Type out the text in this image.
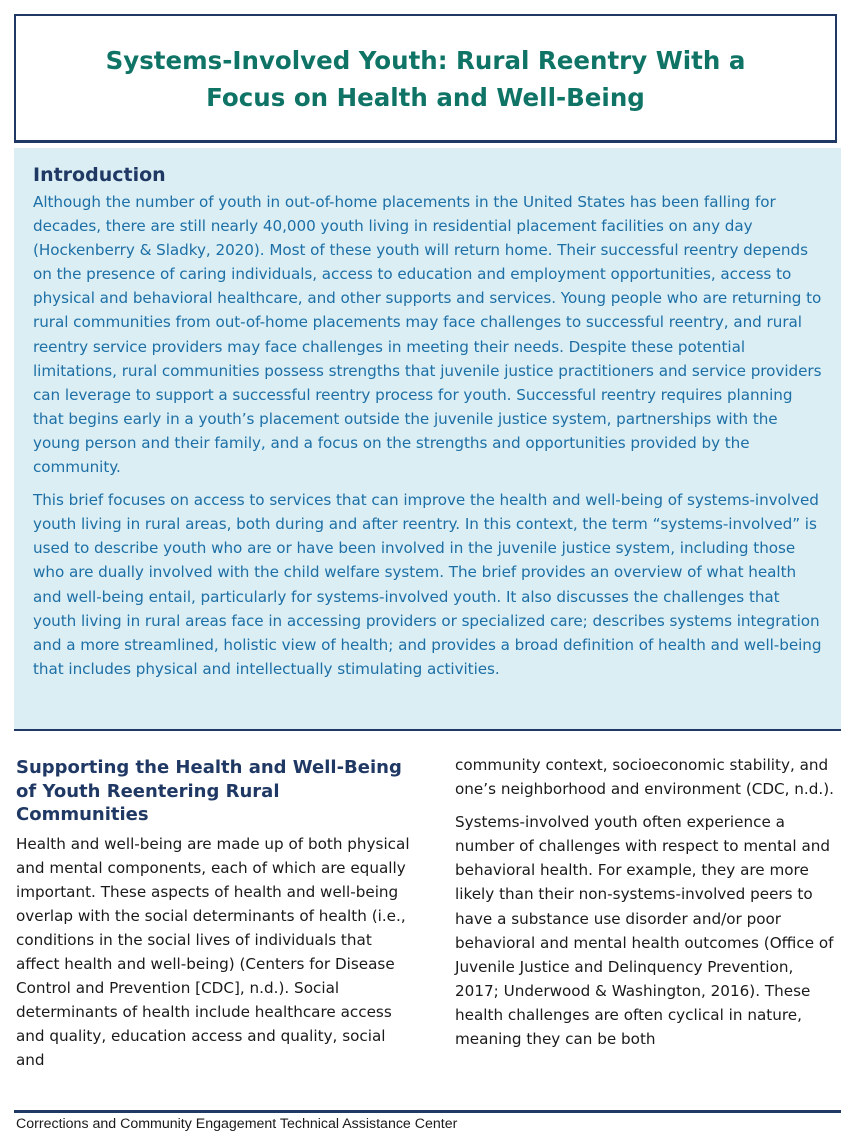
Systems-Involved Youth: Rural Reentry With a Focus on Health and Well-Being
Introduction

Although the number of youth in out-of-home placements in the United States has been falling for decades, there are still nearly 40,000 youth living in residential placement facilities on any day (Hockenberry & Sladky, 2020). Most of these youth will return home. Their successful reentry depends on the presence of caring individuals, access to education and employment opportunities, access to physical and behavioral healthcare, and other supports and services. Young people who are returning to rural communities from out-of-home placements may face challenges to successful reentry, and rural reentry service providers may face challenges in meeting their needs. Despite these potential limitations, rural communities possess strengths that juvenile justice practitioners and service providers can leverage to support a successful reentry process for youth. Successful reentry requires planning that begins early in a youth’s placement outside the juvenile justice system, partnerships with the young person and their family, and a focus on the strengths and opportunities provided by the community.

This brief focuses on access to services that can improve the health and well-being of systems-involved youth living in rural areas, both during and after reentry. In this context, the term “systems-involved” is used to describe youth who are or have been involved in the juvenile justice system, including those who are dually involved with the child welfare system. The brief provides an overview of what health and well-being entail, particularly for systems-involved youth. It also discusses the challenges that youth living in rural areas face in accessing providers or specialized care; describes systems integration and a more streamlined, holistic view of health; and provides a broad definition of health and well-being that includes physical and intellectually stimulating activities.

Supporting the Health and Well-Being of Youth Reentering Rural Communities

Health and well-being are made up of both physical and mental components, each of which are equally important. These aspects of health and well-being overlap with the social determinants of health (i.e., conditions in the social lives of individuals that affect health and well-being) (Centers for Disease Control and Prevention [CDC], n.d.). Social determinants of health include healthcare access and quality, education access and quality, social and

community context, socioeconomic stability, and one’s neighborhood and environment (CDC, n.d.).

Systems-involved youth often experience a number of challenges with respect to mental and behavioral health. For example, they are more likely than their non-systems-involved peers to have a substance use disorder and/or poor behavioral and mental health outcomes (Office of Juvenile Justice and Delinquency Prevention, 2017; Underwood & Washington, 2016). These health challenges are often cyclical in nature, meaning they can be both

Corrections and Community Engagement Technical Assistance Center
